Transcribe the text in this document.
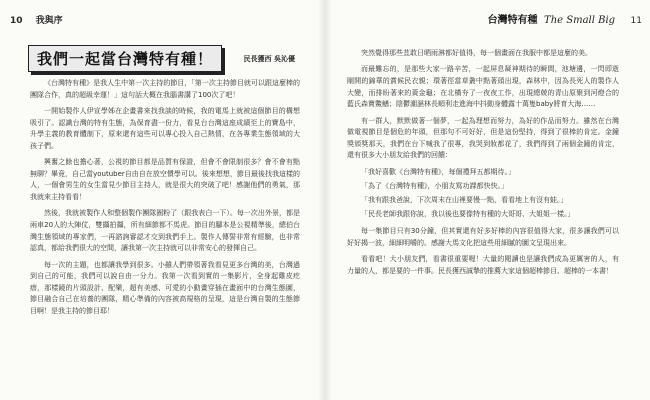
10 我與序
我們一起當台灣特有種！	民長獲西 吳沁優

《台灣特有種》是我人生中第一次主持的節目，「第一次主持節目就可以跟這麼棒的團隊合作，真的超級幸運！」這句話大概在我腦書講了100次了吧！

一開始製作人伊宣學姊在企畫書來找我談的時候，我的電馬上就被這個節目的構想吸引了。認識台灣的特有生態，為保育盡一份力，看見台台灣這座成績至上的寶島中，升學主義的教育體制下，原來還有這些可以專心投入自己熱情，在各專業生態領域的大孩子們。

興奮之餘也擔心著，公視的節目都是品質有保證，但會不會限制很多？會不會有點無聊？畢竟，自己當youtuber自由自在放空慣學可以。後來想想，節目最後找我這樣的人，一個會男生的女生當見少節目主持人，就是很大的突破了吧！感謝他們的勇氣，那我就來主持看看！

然後，我就被製作人和整個製作團隊圈粉了（跟我表白一下）。每一次出外景，都是兩車20人的大陣仗，雙攝拍攝，所有細節都不馬虎。節目的腳本是公視精準後，總伯台灣生態領域的專家們，一再諮詢審認才交到我們手上。製作人傳誓非常有經驗，也非常認真，都給我們很大的空間，讓我第一次主持就可以非常安心的發揮自己。

每一次的主題，也都讓我學到很多。小雖人們帶領著我看見更多台灣的美，台灣過到自己的可能，我們可以說自由一分力。我第一次看到實的一集影片，全身起雞皮疙瘩，那樣鏡的片頭設計、配樂，超有美感、可愛的小動畫穿插在畫面中的台灣生態圖，節目融合自己在培養的團隊，精心準備的內容被高規格的呈現，這是台灣自製的生態節目啊！是我主持的節目耶！

台灣特有種 The Small Big 11

突然覺得那些苴敢日晒雨淋都好值得，每一個畫面在我服中都是這麼的美。

而最難忘的，是那些大家一路辛苦，一起屏息凝神期待的瞬間，池塘邊，一閃即逝剛開的錦華的賞候民衣親；環著徑當草叢中點著頭出現，森林中，因為長死人的製作人大變，而排盼著來的黃金龜；在北橫夯了一夜夜工作，出現總兢的青山原聚到河燈合的藍氏森寶鱉鰭；陰鬱潮濕林長順利走進海中抖動身體露十萬隻baby將育大海……

有一群人，默默做著一個夢，一起為理想而努力，為好的作品而努力。雖然在台灣做電視節目是個危的年頭，但那句不可好好，但是這份堅持，得到了很棒的肯定。金鐘獎頒獎那天，我們在台下喊我了很專，我哭到妝都花了，我們得到了兩個金鐘的肯定，還有很多大小朋友給我們的回饋：

「我好喜歡《台灣特有種》，每個禮拜五都期待。」
「為了《台灣特有種》，小朋友寫功課都快快。」
「我有跟我爸說，下次周末在山裡要慢一點，看看地上有沒有蛙。」
「民長老師我跟你說，我以後也要像特有種的大哥哥、大姐姐一樣。」

每一集節目只有30分鐘，但其實還有好多好棒的內容很值得大家，很多讓我們可以好好揭一波，細細明嚼的。感謝大馬文化把這些用細膩的圖文呈現出來。

看看吧！大小朋友們，看書很重要喔！大量的閱讀也是讓我們成為更厲害的人，有力量的人，都是要的一件事。民長獲西誠摯的推薦大家這個超棒節目、超棒的一本書！
